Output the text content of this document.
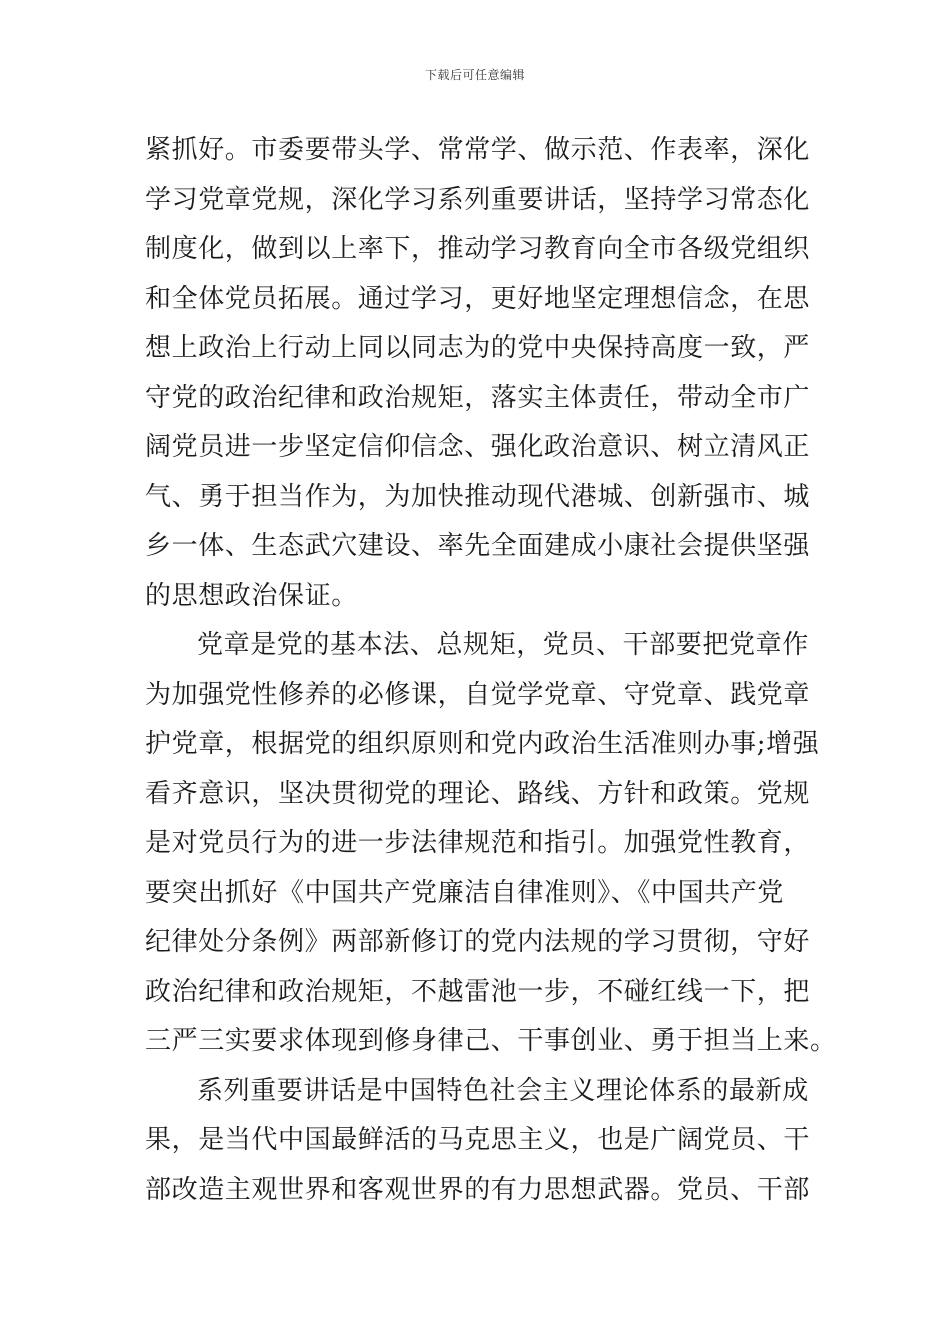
下载后可任意编辑
紧抓好。市委要带头学、常常学、做示范、作表率，深化
学习党章党规，深化学习系列重要讲话，坚持学习常态化
制度化，做到以上率下，推动学习教育向全市各级党组织
和全体党员拓展。通过学习，更好地坚定理想信念，在思
想上政治上行动上同以同志为的党中央保持高度一致，严
守党的政治纪律和政治规矩，落实主体责任，带动全市广
阔党员进一步坚定信仰信念、强化政治意识、树立清风正
气、勇于担当作为，为加快推动现代港城、创新强市、城
乡一体、生态武穴建设、率先全面建成小康社会提供坚强
的思想政治保证。
党章是党的基本法、总规矩，党员、干部要把党章作
为加强党性修养的必修课，自觉学党章、守党章、践党章
护党章，根据党的组织原则和党内政治生活准则办事;增强
看齐意识，坚决贯彻党的理论、路线、方针和政策。党规
是对党员行为的进一步法律规范和指引。加强党性教育，
要突出抓好《中国共产党廉洁自律准则》、《中国共产党
纪律处分条例》两部新修订的党内法规的学习贯彻，守好
政治纪律和政治规矩，不越雷池一步，不碰红线一下，把
三严三实要求体现到修身律己、干事创业、勇于担当上来。
系列重要讲话是中国特色社会主义理论体系的最新成
果，是当代中国最鲜活的马克思主义，也是广阔党员、干
部改造主观世界和客观世界的有力思想武器。党员、干部
